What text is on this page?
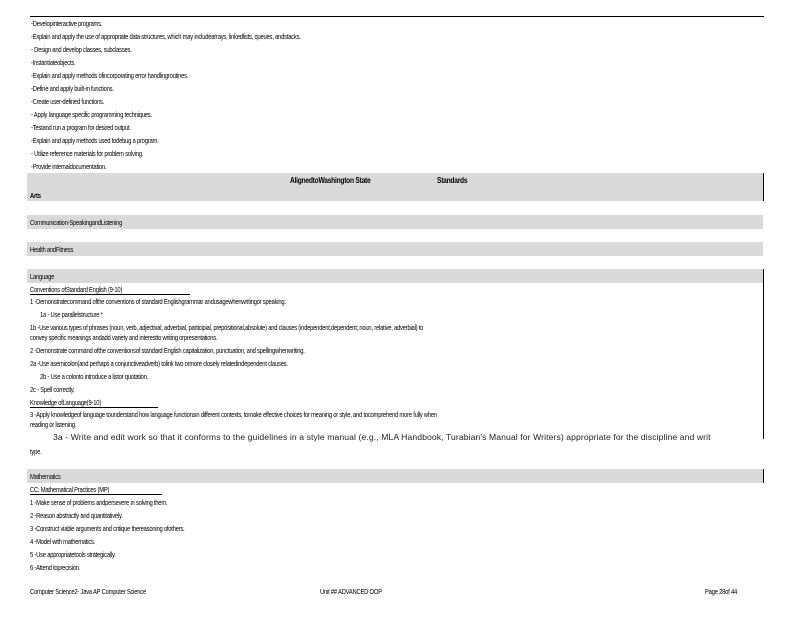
-Developinteractive programs.
-Explain and apply the use of appropriate data structures, which may includearrays, linkedlists, queues, andstacks.
- Design and develop classes, subclasses.
-Instantiateobjects.
-Explain and apply methods ofincorporating error handlingroutines.
-Define and apply built-in functions.
-Create user-defined functions.
- Apply language specific programming techniques.
-Testand run a program for desired output.
-Explain and apply methods used todebug a program.
- Utilize reference materials for problem solving.
-Provide internaldocumentation.
AlignedtoWashington State	Standards
Arts
Communication-SpeakingandListening
Health andFitness
Language
Conventions ofStandard English (9-10)
1 -Demonstratecommand ofthe conventions of standard Englishgrammar andusagewhenwritingor speaking.
1a - Use parallelstructure.*
1b -Use various types of phrases (noun, verb, adjectival, adverbial, participial, prepositional,absolute) and clauses (independent,dependent; noun, relative, adverbial) to
convey specific meanings andadd variety and interestto writing orpresentations.
2 -Demonstrate command ofthe conventionsof standard English capitalization, punctuation, and spellingwhenwriting.
2a -Use asemicolon(and perhaps a conjunctiveadverb) tolink two ormore closely relatedindependent clauses.
2b - Use a colonto introduce a listor quotation.
2c - Spell correctly.
Knowledge ofLanguage(9-10)
3 -Apply knowledgeof language tounderstand how language functionsin different contexts, tomake effective choices for meaning or style, and tocomprehend more fully when
reading or listening.
3a - Write and edit work so that it conforms to the guidelines in a style manual (e.g., MLA Handbook, Turabian's Manual for Writers) appropriate for the discipline and writ
type.
Mathematics
CC: Mathematical Practices (MP)
1 -Make sense of problems andpersevere in solving them.
2 -Reason abstractly and quantitatively.
3 -Construct viable arguments and critique thereasoning ofothers.
4 -Model with mathematics.
5 -Use appropriatetools strategically.
6 -Attend toprecision.
Computer Science2- Java AP Computer Science	Unit ## ADVANCED OOP	Page 28of 44
